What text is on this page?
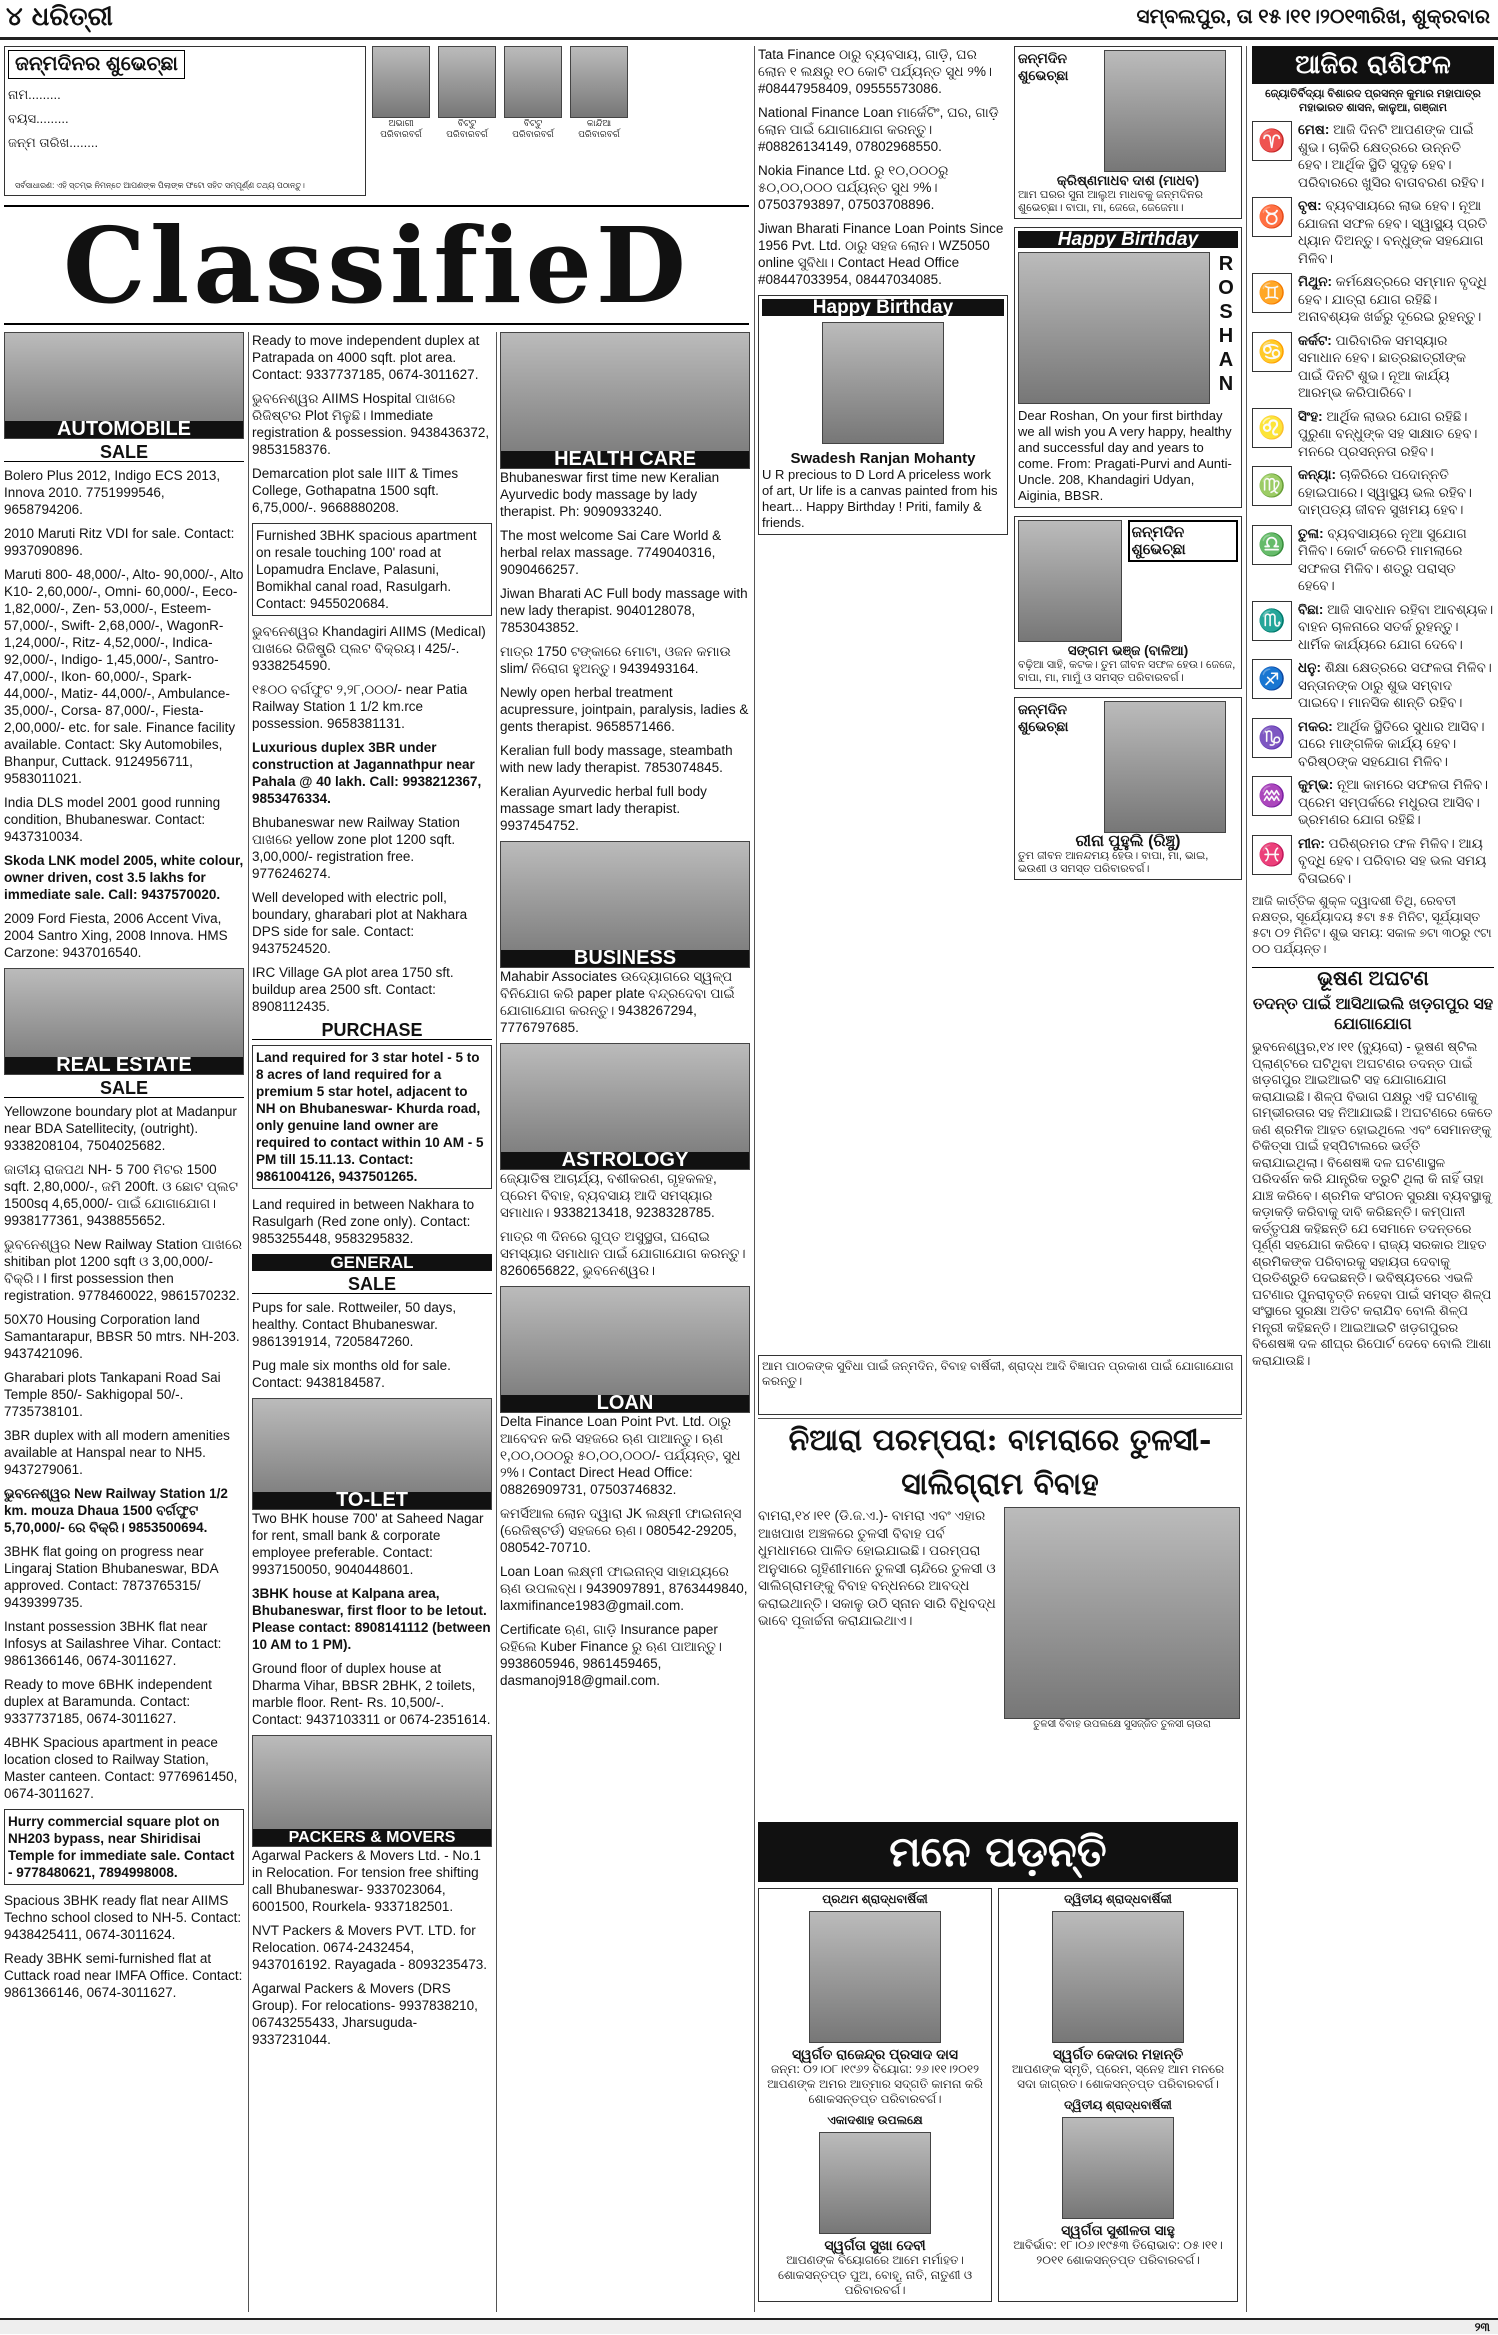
୪ ଧରିତ୍ରୀ	ସମ୍ବଲପୁର, ତା ୧୫।୧୧।୨୦୧୩ରିଖ, ଶୁକ୍ରବାର
ଜନ୍ମଦିନର ଶୁଭେଚ୍ଛା
ନାମ.........
ବୟସ.........
ଜନ୍ମ ତାରିଖ........
ସର୍ବସାଧାରଣ: ଏହି ସ୍ତମ୍ଭ ନିମନ୍ତେ ଆପଣଙ୍କ ପିଲାଙ୍କ ଫଟୋ ସହିତ ସମ୍ପୂର୍ଣ୍ଣ ତଥ୍ୟ ପଠାନ୍ତୁ।
ଅଭାଗୀ ପରିବାରବର୍ଗ
ବିଟ୍ଟୁ ପରିବାରବର୍ଗ
ବିଟ୍ଟୁ ପରିବାରବର୍ଗ
କାନ୍ଦିଆ ପରିବାରବର୍ଗ
ClassifieD
AUTOMOBILE
SALE

Bolero Plus 2012, Indigo ECS 2013, Innova 2010. 7751999546, 9658794206.

2010 Maruti Ritz VDI for sale. Contact: 9937090896.

Maruti 800- 48,000/-, Alto- 90,000/-, Alto K10- 2,60,000/-, Omni- 60,000/-, Eeco- 1,82,000/-, Zen- 53,000/-, Esteem- 57,000/-, Swift- 2,68,000/-, WagonR- 1,24,000/-, Ritz- 4,52,000/-, Indica- 92,000/-, Indigo- 1,45,000/-, Santro- 47,000/-, Ikon- 60,000/-, Spark- 44,000/-, Matiz- 44,000/-, Ambulance- 35,000/-, Corsa- 87,000/-, Fiesta- 2,00,000/- etc. for sale. Finance facility available. Contact: Sky Automobiles, Bhanpur, Cuttack. 9124956711, 9583011021.

India DLS model 2001 good running condition, Bhubaneswar. Contact: 9437310034.

Skoda LNK model 2005, white colour, owner driven, cost 3.5 lakhs for immediate sale. Call: 9437570020.

2009 Ford Fiesta, 2006 Accent Viva, 2004 Santro Xing, 2008 Innova. HMS Carzone: 9437016540.

REAL ESTATE
SALE

Yellowzone boundary plot at Madanpur near BDA Satellitecity, (outright). 9338208104, 7504025682.

ଜାତୀୟ ରାଜପଥ NH- 5 700 ମିଟର 1500 sqft. 2,80,000/-, ଜମି 200ft. ଓ ଛୋଟ ପ୍ଲଟ 1500sq 4,65,000/- ପାଇଁ ଯୋଗାଯୋଗ। 9938177361, 9438855652.

ଭୁବନେଶ୍ୱର New Railway Station ପାଖରେ shitiban plot 1200 sqft ଓ 3,00,000/- ବିକ୍ରି। I first possession then registration. 9778460022, 9861570232.

50X70 Housing Corporation land Samantarapur, BBSR 50 mtrs. NH-203. 9437421096.

Gharabari plots Tankapani Road Sai Temple 850/- Sakhigopal 50/-. 7735738101.

3BR duplex with all modern amenities available at Hanspal near to NH5. 9437279061.

ଭୁବନେଶ୍ୱର New Railway Station 1/2 km. mouza Dhaua 1500 ବର୍ଗଫୁଟ 5,70,000/- ରେ ବିକ୍ରି। 9853500694.

3BHK flat going on progress near Lingaraj Station Bhubaneswar, BDA approved. Contact: 7873765315/ 9439399735.

Instant possession 3BHK flat near Infosys at Sailashree Vihar. Contact: 9861366146, 0674-3011627.

Ready to move 6BHK independent duplex at Baramunda. Contact: 9337737185, 0674-3011627.

4BHK Spacious apartment in peace location closed to Railway Station, Master canteen. Contact: 9776961450, 0674-3011627.

Hurry commercial square plot on NH203 bypass, near Shiridisai Temple for immediate sale. Contact - 9778480621, 7894998008.

Spacious 3BHK ready flat near AIIMS Techno school closed to NH-5. Contact: 9438425411, 0674-3011624.

Ready 3BHK semi-furnished flat at Cuttack road near IMFA Office. Contact: 9861366146, 0674-3011627.

Ready to move independent duplex at Patrapada on 4000 sqft. plot area. Contact: 9337737185, 0674-3011627.

ଭୁବନେଶ୍ୱର AIIMS Hospital ପାଖରେ ରିଜିଷ୍ଟର Plot ମିଳୁଛି। Immediate registration & possession. 9438436372, 9853158376.

Demarcation plot sale IIIT & Times College, Gothapatna 1500 sqft. 6,75,000/-. 9668880208.

Furnished 3BHK spacious apartment on resale touching 100' road at Lopamudra Enclave, Palasuni, Bomikhal canal road, Rasulgarh. Contact: 9455020684.

ଭୁବନେଶ୍ୱର Khandagiri AIIMS (Medical) ପାଖରେ ରିଜିଷ୍ଟ୍ରି ପ୍ଲଟ ବିକ୍ରୟ। 425/-. 9338254590.

୧୫୦୦ ବର୍ଗଫୁଟ ୨,୨୮,୦୦୦/- near Patia Railway Station 1 1/2 km.rce possession. 9658381131.

Luxurious duplex 3BR under construction at Jagannathpur near Pahala @ 40 lakh. Call: 9938212367, 9853476334.

Bhubaneswar new Railway Station ପାଖରେ yellow zone plot 1200 sqft. 3,00,000/- registration free. 9776246274.

Well developed with electric poll, boundary, gharabari plot at Nakhara DPS side for sale. Contact: 9437524520.

IRC Village GA plot area 1750 sft. buildup area 2500 sft. Contact: 8908112435.

PURCHASE

Land required for 3 star hotel - 5 to 8 acres of land required for a premium 5 star hotel, adjacent to NH on Bhubaneswar- Khurda road, only genuine land owner are required to contact within 10 AM - 5 PM till 15.11.13. Contact: 9861004126, 9437501265.

Land required in between Nakhara to Rasulgarh (Red zone only). Contact: 9853255448, 9583295832.

GENERAL
SALE

Pups for sale. Rottweiler, 50 days, healthy. Contact Bhubaneswar. 9861391914, 7205847260.

Pug male six months old for sale. Contact: 9438184587.

TO-LET

Two BHK house 700' at Saheed Nagar for rent, small bank & corporate employee preferable. Contact: 9937150050, 9040448601.

3BHK house at Kalpana area, Bhubaneswar, first floor to be letout. Please contact: 8908141112 (between 10 AM to 1 PM).

Ground floor of duplex house at Dharma Vihar, BBSR 2BHK, 2 toilets, marble floor. Rent- Rs. 10,500/-. Contact: 9437103311 or 0674-2351614.

PACKERS & MOVERS

Agarwal Packers & Movers Ltd. - No.1 in Relocation. For tension free shifting call Bhubaneswar- 9337023064, 6001500, Rourkela- 9337182501.

NVT Packers & Movers PVT. LTD. for Relocation. 0674-2432454, 9437016192. Rayagada - 8093235473.

Agarwal Packers & Movers (DRS Group). For relocations- 9937838210, 06743255433, Jharsuguda- 9337231044.

HEALTH CARE

Bhubaneswar first time new Keralian Ayurvedic body massage by lady therapist. Ph: 9090933240.

The most welcome Sai Care World & herbal relax massage. 7749040316, 9090466257.

Jiwan Bharati AC Full body massage with new lady therapist. 9040128078, 7853043852.

ମାତ୍ର 1750 ଟଙ୍କାରେ ମୋଟା, ଓଜନ କମାଉ slim/ ନିରୋଗ ହୁଅନ୍ତୁ। 9439493164.

Newly open herbal treatment acupressure, jointpain, paralysis, ladies & gents therapist. 9658571466.

Keralian full body massage, steambath with new lady therapist. 7853074845.

Keralian Ayurvedic herbal full body massage smart lady therapist. 9937454752.

BUSINESS

Mahabir Associates ଉଦ୍ୟୋଗରେ ସ୍ୱଳ୍ପ ବିନିଯୋଗ କରି paper plate ବନ୍ଦ୍ରଦେବା ପାଇଁ ଯୋଗାଯୋଗ କରନ୍ତୁ। 9438267294, 7776797685.

ASTROLOGY

ଜ୍ୟୋତିଷ ଆଚାର୍ଯ୍ୟ, ବଶୀକରଣ, ଗୃହକଳହ, ପ୍ରେମ ବିବାହ, ବ୍ୟବସାୟ ଆଦି ସମସ୍ୟାର ସମାଧାନ। 9338213418, 9238328785.

ମାତ୍ର ୩ ଦିନରେ ଗୁପ୍ତ ଅସୁସ୍ଥତା, ଘରୋଇ ସମସ୍ୟାର ସମାଧାନ ପାଇଁ ଯୋଗାଯୋଗ କରନ୍ତୁ। 8260656822, ଭୁବନେଶ୍ୱର।

LOAN

Delta Finance Loan Point Pvt. Ltd. ଠାରୁ ଆବେଦନ କରି ସହଜରେ ଋଣ ପାଆନ୍ତୁ। ଋଣ ୧,୦୦,୦୦୦ରୁ ୫୦,୦୦,୦୦୦/- ପର୍ଯ୍ୟନ୍ତ, ସୁଧ ୨%। Contact Direct Head Office: 08826909731, 07503746832.

କମର୍ସିଆଲ ଲୋନ ଦ୍ୱାରା JK ଲକ୍ଷ୍ମୀ ଫାଇନାନ୍ସ (ରେଜିଷ୍ଟର୍ଡ) ସହଜରେ ଋଣ। 080542-29205, 080542-70710.

Loan Loan ଲକ୍ଷ୍ମୀ ଫାଇନାନ୍ସ ସାହାଯ୍ୟରେ ଋଣ ଉପଲବ୍ଧ। 9439097891, 8763449840, laxmifinance1983@gmail.com.

Certificate ଋଣ, ଗାଡ଼ି Insurance paper ରହିଲେ Kuber Finance ରୁ ଋଣ ପାଆନ୍ତୁ। 9938605946, 9861459465, dasmanoj918@gmail.com.

Tata Finance ଠାରୁ ବ୍ୟବସାୟ, ଗାଡ଼ି, ଘର ଲୋନ ୧ ଲକ୍ଷରୁ ୧୦ କୋଟି ପର୍ଯ୍ୟନ୍ତ ସୁଧ ୨%। #08447958409, 09555573086.

National Finance Loan ମାର୍କେଟିଂ, ଘର, ଗାଡ଼ି ଲୋନ ପାଇଁ ଯୋଗାଯୋଗ କରନ୍ତୁ। #08826134149, 07802968550.

Nokia Finance Ltd. ରୁ ୧୦,୦୦୦ରୁ ୫୦,୦୦,୦୦୦ ପର୍ଯ୍ୟନ୍ତ ସୁଧ ୨%। 07503793897, 07503708896.

Jiwan Bharati Finance Loan Points Since 1956 Pvt. Ltd. ଠାରୁ ସହଜ ଲୋନ। WZ5050 online ସୁବିଧା। Contact Head Office #08447033954, 08447034085.

Happy Birthday
Swadesh Ranjan Mohanty
U R precious to D Lord A priceless work of art, Ur life is a canvas painted from his heart... Happy Birthday ! Priti, family & friends.
ଜନ୍ମଦିନ ଶୁଭେଚ୍ଛା
କ୍ରିଷ୍ଣମାଧବ ଦାଶ (ମାଧବ)
ଆମ ଘରର ସୁନା ଆଲୁଅ ମାଧବକୁ ଜନ୍ମଦିନର ଶୁଭେଚ୍ଛା। ବାପା, ମା, ଜେଜେ, ଜେଜେମା।
Happy Birthday
ROSHAN
Dear Roshan, On your first birthday we all wish you A very happy, healthy and successful day and years to come. From: Pragati-Purvi and Aunti-Uncle. 208, Khandagiri Udyan, Aiginia, BBSR.
ଜନ୍ମଦିନ ଶୁଭେଚ୍ଛା
ସଙ୍ଗମ ଭଞ୍ଜ (ବାଳିଆ)
ବଢ଼ିଆ ସାହି, କଟକ। ତୁମ ଜୀବନ ସଫଳ ହେଉ। ଜେଜେ, ବାପା, ମା, ମାମୁଁ ଓ ସମସ୍ତ ପରିବାରବର୍ଗ।
ଜନ୍ମଦିନ ଶୁଭେଚ୍ଛା
ରୀନା ପୁହୁଲି (ରିଞ୍ଚୁ)
ତୁମ ଜୀବନ ଆନନ୍ଦମୟ ହେଉ। ବାପା, ମା, ଭାଇ, ଭଉଣୀ ଓ ସମସ୍ତ ପରିବାରବର୍ଗ।
ଆମ ପାଠକଙ୍କ ସୁବିଧା ପାଇଁ ଜନ୍ମଦିନ, ବିବାହ ବାର୍ଷିକୀ, ଶ୍ରାଦ୍ଧ ଆଦି ବିଜ୍ଞାପନ ପ୍ରକାଶ ପାଇଁ ଯୋଗାଯୋଗ କରନ୍ତୁ।
ନିଆରା ପରମ୍ପରା: ବାମରାରେ ତୁଳସୀ-ସାଲିଗ୍ରାମ ବିବାହ
ବାମରା,୧୪।୧୧ (ଡି.ଜ.ଏ.)- ବାମରା ଏବଂ ଏହାର ଆଖପାଖ ଅଞ୍ଚଳରେ ତୁଳସୀ ବିବାହ ପର୍ବ ଧୁମଧାମରେ ପାଳିତ ହୋଇଯାଇଛି। ପରମ୍ପରା ଅନୁସାରେ ଗୃହିଣୀମାନେ ତୁଳସୀ ଚାନ୍ଦିରେ ତୁଳସୀ ଓ ସାଲିଗ୍ରାମଙ୍କୁ ବିବାହ ବନ୍ଧନରେ ଆବଦ୍ଧ କରାଇଥାନ୍ତି। ସକାଳୁ ଉଠି ସ୍ନାନ ସାରି ବିଧିବଦ୍ଧ ଭାବେ ପୂଜାର୍ଚ୍ଚନା କରାଯାଇଥାଏ।
ତୁଳସୀ ବିବାହ ଉପଲକ୍ଷେ ସୁସଜ୍ଜିତ ତୁଳସୀ ଚାଉରା
ମନେ ପଡ଼ନ୍ତି
ପ୍ରଥମ ଶ୍ରାଦ୍ଧବାର୍ଷିକୀ
ସ୍ୱର୍ଗତ ରାଜେନ୍ଦ୍ର ପ୍ରସାଦ ଦାସ
ଜନ୍ମ: ୦୨।୦୮।୧୯୬୨ ବିୟୋଗ: ୨୬।୧୧।୨୦୧୨ ଆପଣଙ୍କ ଅମର ଆତ୍ମାର ସଦ୍‌ଗତି କାମନା କରି ଶୋକସନ୍ତପ୍ତ ପରିବାରବର୍ଗ।
ଏକାଦଶାହ ଉପଲକ୍ଷେ
ସ୍ୱର୍ଗତା ସୁଖା ଦେବୀ
ଆପଣଙ୍କ ବିୟୋଗରେ ଆମେ ମର୍ମାହତ। ଶୋକସନ୍ତପ୍ତ ପୁଅ, ବୋହୂ, ନାତି, ନାତୁଣୀ ଓ ପରିବାରବର୍ଗ।
ଦ୍ୱିତୀୟ ଶ୍ରାଦ୍ଧବାର୍ଷିକୀ
ସ୍ୱର୍ଗତ କେଦାର ମହାନ୍ତି
ଆପଣଙ୍କ ସ୍ମୃତି, ପ୍ରେମ, ସ୍ନେହ ଆମ ମନରେ ସଦା ଜାଗ୍ରତ। ଶୋକସନ୍ତପ୍ତ ପରିବାରବର୍ଗ।
ଦ୍ୱିତୀୟ ଶ୍ରାଦ୍ଧବାର୍ଷିକୀ
ସ୍ୱର୍ଗତା ସୁଶୀଳତା ସାହୁ
ଆବିର୍ଭାବ: ୧୮।୦୬।୧୯୫୩ ତିରୋଭାବ: ୦୫।୧୧।୨୦୧୧ ଶୋକସନ୍ତପ୍ତ ପରିବାରବର୍ଗ।
ଆଜିର ରାଶିଫଳ
ଜ୍ୟୋତିର୍ବିଦ୍ୟା ବିଶାରଦ ପ୍ରସନ୍ନ କୁମାର ମହାପାତ୍ର ମହାଭାରତ ଶାସନ, କାଳୁଆ, ଗଞ୍ଜାମ
♈ ମେଷ: ଆଜି ଦିନଟି ଆପଣଙ୍କ ପାଇଁ ଶୁଭ। ଚାକିରି କ୍ଷେତ୍ରରେ ଉନ୍ନତି ହେବ। ଆର୍ଥିକ ସ୍ଥିତି ସୁଦୃଢ଼ ହେବ। ପରିବାରରେ ଖୁସିର ବାତାବରଣ ରହିବ।
♉ ବୃଷ: ବ୍ୟବସାୟରେ ଲାଭ ହେବ। ନୂଆ ଯୋଜନା ସଫଳ ହେବ। ସ୍ୱାସ୍ଥ୍ୟ ପ୍ରତି ଧ୍ୟାନ ଦିଅନ୍ତୁ। ବନ୍ଧୁଙ୍କ ସହଯୋଗ ମିଳିବ।
♊ ମିଥୁନ: କର୍ମକ୍ଷେତ୍ରରେ ସମ୍ମାନ ବୃଦ୍ଧି ହେବ। ଯାତ୍ରା ଯୋଗ ରହିଛି। ଅନାବଶ୍ୟକ ଖର୍ଚ୍ଚରୁ ଦୂରେଇ ରୁହନ୍ତୁ।
♋ କର୍କଟ: ପାରିବାରିକ ସମସ୍ୟାର ସମାଧାନ ହେବ। ଛାତ୍ରଛାତ୍ରୀଙ୍କ ପାଇଁ ଦିନଟି ଶୁଭ। ନୂଆ କାର୍ଯ୍ୟ ଆରମ୍ଭ କରିପାରିବେ।
♌ ସିଂହ: ଆର୍ଥିକ ଲାଭର ଯୋଗ ରହିଛି। ପୁରୁଣା ବନ୍ଧୁଙ୍କ ସହ ସାକ୍ଷାତ ହେବ। ମନରେ ପ୍ରସନ୍ନତା ରହିବ।
♍ କନ୍ୟା: ଚାକିରିରେ ପଦୋନ୍ନତି ହୋଇପାରେ। ସ୍ୱାସ୍ଥ୍ୟ ଭଲ ରହିବ। ଦାମ୍ପତ୍ୟ ଜୀବନ ସୁଖମୟ ହେବ।
♎ ତୁଳା: ବ୍ୟବସାୟରେ ନୂଆ ସୁଯୋଗ ମିଳିବ। କୋର୍ଟ କଚେରି ମାମଲାରେ ସଫଳତା ମିଳିବ। ଶତ୍ରୁ ପରାସ୍ତ ହେବେ।
♏ ବିଛା: ଆଜି ସାବଧାନ ରହିବା ଆବଶ୍ୟକ। ବାହନ ଚାଳନାରେ ସତର୍କ ରୁହନ୍ତୁ। ଧାର୍ମିକ କାର୍ଯ୍ୟରେ ଯୋଗ ଦେବେ।
♐ ଧନୁ: ଶିକ୍ଷା କ୍ଷେତ୍ରରେ ସଫଳତା ମିଳିବ। ସନ୍ତାନଙ୍କ ଠାରୁ ଶୁଭ ସମ୍ବାଦ ପାଇବେ। ମାନସିକ ଶାନ୍ତି ରହିବ।
♑ ମକର: ଆର୍ଥିକ ସ୍ଥିତିରେ ସୁଧାର ଆସିବ। ଘରେ ମାଙ୍ଗଳିକ କାର୍ଯ୍ୟ ହେବ। ବରିଷ୍ଠଙ୍କ ସହଯୋଗ ମିଳିବ।
♒ କୁମ୍ଭ: ନୂଆ କାମରେ ସଫଳତା ମିଳିବ। ପ୍ରେମ ସମ୍ପର୍କରେ ମଧୁରତା ଆସିବ। ଭ୍ରମଣର ଯୋଗ ରହିଛି।
♓ ମୀନ: ପରିଶ୍ରମର ଫଳ ମିଳିବ। ଆୟ ବୃଦ୍ଧି ହେବ। ପରିବାର ସହ ଭଲ ସମୟ ବିତାଇବେ।
ଆଜି କାର୍ତ୍ତିକ ଶୁକ୍ଳ ଦ୍ୱାଦଶୀ ତିଥି, ରେବତୀ ନକ୍ଷତ୍ର, ସୂର୍ଯ୍ୟୋଦୟ ୫ଟା ୫୫ ମିନିଟ, ସୂର୍ଯ୍ୟାସ୍ତ ୫ଟା ୦୨ ମିନିଟ। ଶୁଭ ସମୟ: ସକାଳ ୭ଟା ୩୦ରୁ ୯ଟା ୦୦ ପର୍ଯ୍ୟନ୍ତ।
ଭୂଷଣ ଅଘଟଣ
ତଦନ୍ତ ପାଇଁ ଆସିଥାଇଲି ଖଡ଼ଗପୁର ସହ ଯୋଗାଯୋଗ
ଭୁବନେଶ୍ୱର,୧୪।୧୧ (ବ୍ୟୁରୋ) - ଭୂଷଣ ଷ୍ଟିଲ ପ୍ଲାଣ୍ଟରେ ଘଟିଥିବା ଅଘଟଣର ତଦନ୍ତ ପାଇଁ ଖଡ଼ଗପୁର ଆଇଆଇଟି ସହ ଯୋଗାଯୋଗ କରାଯାଇଛି। ଶିଳ୍ପ ବିଭାଗ ପକ୍ଷରୁ ଏହି ଘଟଣାକୁ ଗମ୍ଭୀରତାର ସହ ନିଆଯାଇଛି। ଅଘଟଣରେ କେତେ ଜଣ ଶ୍ରମିକ ଆହତ ହୋଇଥିଲେ ଏବଂ ସେମାନଙ୍କୁ ଚିକିତ୍ସା ପାଇଁ ହସ୍ପିଟାଲରେ ଭର୍ତ୍ତି କରାଯାଇଥିଲା। ବିଶେଷଜ୍ଞ ଦଳ ଘଟଣାସ୍ଥଳ ପରିଦର୍ଶନ କରି ଯାନ୍ତ୍ରିକ ତ୍ରୁଟି ଥିଲା କି ନାହିଁ ତାହା ଯାଞ୍ଚ କରିବେ। ଶ୍ରମିକ ସଂଗଠନ ସୁରକ୍ଷା ବ୍ୟବସ୍ଥାକୁ କଡ଼ାକଡ଼ି କରିବାକୁ ଦାବି କରିଛନ୍ତି। କମ୍ପାନୀ କର୍ତ୍ତୃପକ୍ଷ କହିଛନ୍ତି ଯେ ସେମାନେ ତଦନ୍ତରେ ପୂର୍ଣ୍ଣ ସହଯୋଗ କରିବେ। ରାଜ୍ୟ ସରକାର ଆହତ ଶ୍ରମିକଙ୍କ ପରିବାରକୁ ସହାୟତା ଦେବାକୁ ପ୍ରତିଶ୍ରୁତି ଦେଇଛନ୍ତି। ଭବିଷ୍ୟତରେ ଏଭଳି ଘଟଣାର ପୁନରାବୃତ୍ତି ନହେବା ପାଇଁ ସମସ୍ତ ଶିଳ୍ପ ସଂସ୍ଥାରେ ସୁରକ୍ଷା ଅଡିଟ କରାଯିବ ବୋଲି ଶିଳ୍ପ ମନ୍ତ୍ରୀ କହିଛନ୍ତି। ଆଇଆଇଟି ଖଡ଼ଗପୁରର ବିଶେଷଜ୍ଞ ଦଳ ଶୀଘ୍ର ରିପୋର୍ଟ ଦେବେ ବୋଲି ଆଶା କରାଯାଉଛି।
୨୩
